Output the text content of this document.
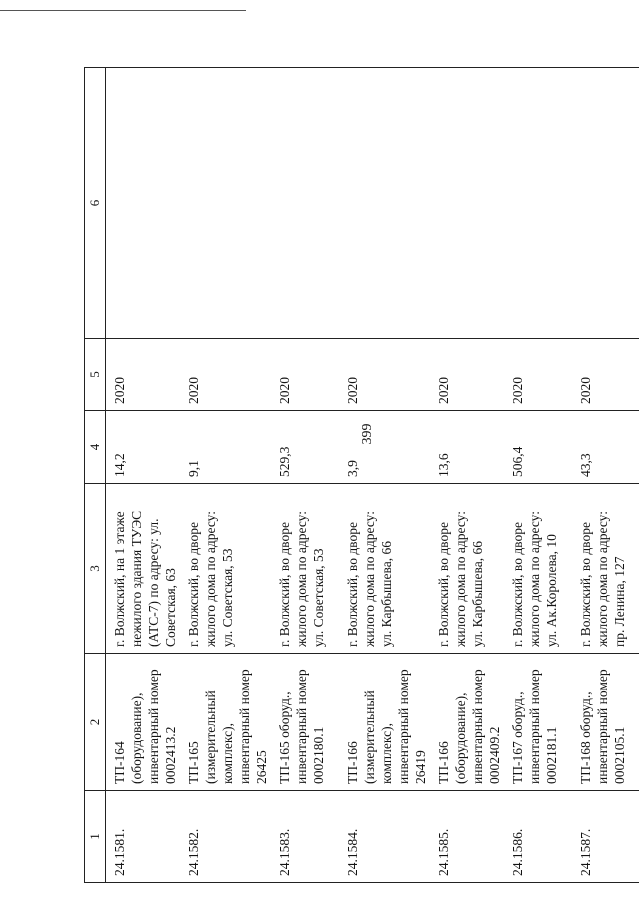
399
1	2	3	4	5	6
24.1581.	ТП-164 (оборудование), инвентарный номер 0002413.2	г. Волжский, на 1 этаже нежилого здания ТУЭС (АТС-7) по адресу: ул. Советская, 63	14,2	2020	
24.1582.	ТП-165 (измерительный комплекс), инвентарный номер 26425	г. Волжский, во дворе жилого дома по адресу: ул. Советская, 53	9,1	2020	
24.1583.	ТП-165 оборуд., инвентарный номер 0002180.1	г. Волжский, во дворе жилого дома по адресу: ул. Советская, 53	529,3	2020	
24.1584.	ТП-166 (измерительный комплекс), инвентарный номер 26419	г. Волжский, во дворе жилого дома по адресу: ул. Карбышева, 66	3,9	2020	
24.1585.	ТП-166 (оборудование), инвентарный номер 0002409.2	г. Волжский, во дворе жилого дома по адресу: ул. Карбышева, 66	13,6	2020	
24.1586.	ТП-167 оборуд., инвентарный номер 0002181.1	г. Волжский, во дворе жилого дома по адресу: ул. Ак.Королева, 10	506,4	2020	
24.1587.	ТП-168 оборуд., инвентарный номер 0002105.1	г. Волжский, во дворе жилого дома по адресу: пр. Ленина, 127	43,3	2020	
